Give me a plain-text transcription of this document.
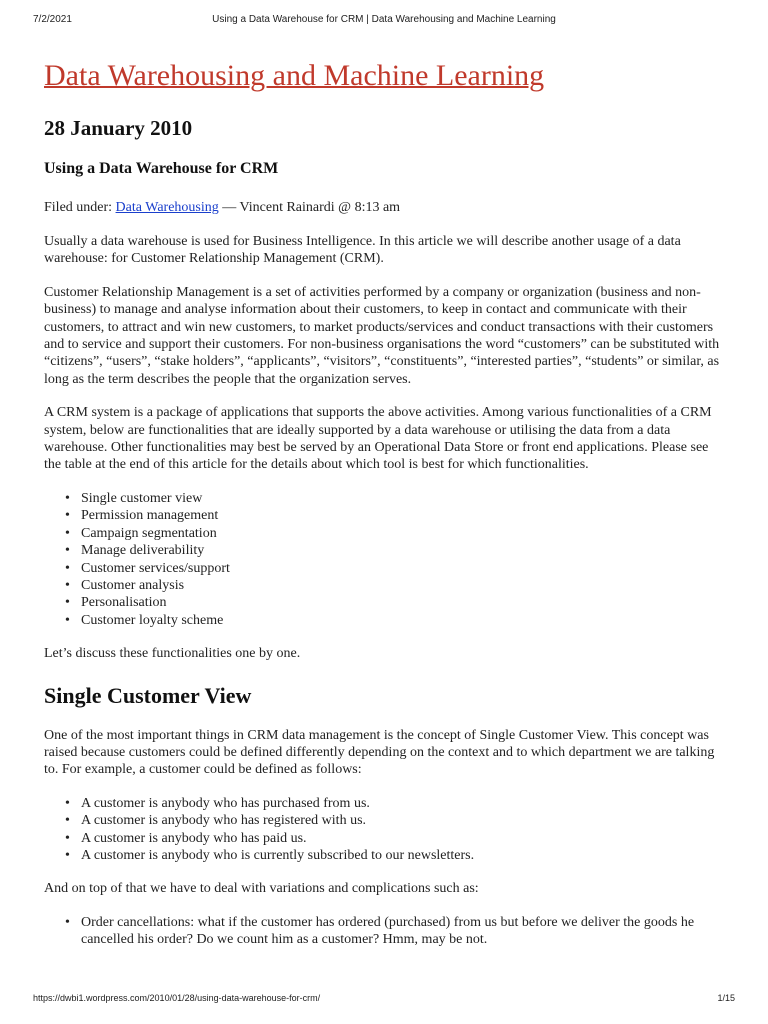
7/2/2021	Using a Data Warehouse for CRM | Data Warehousing and Machine Learning
Data Warehousing and Machine Learning
28 January 2010
Using a Data Warehouse for CRM
Filed under: Data Warehousing — Vincent Rainardi @ 8:13 am

Usually a data warehouse is used for Business Intelligence. In this article we will describe another usage of a data warehouse: for Customer Relationship Management (CRM).

Customer Relationship Management is a set of activities performed by a company or organization (business and non-business) to manage and analyse information about their customers, to keep in contact and communicate with their customers, to attract and win new customers, to market products/services and conduct transactions with their customers and to service and support their customers. For non-business organisations the word “customers” can be substituted with “citizens”, “users”, “stake holders”, “applicants”, “visitors”, “constituents”, “interested parties”, “students” or similar, as long as the term describes the people that the organization serves.

A CRM system is a package of applications that supports the above activities. Among various functionalities of a CRM system, below are functionalities that are ideally supported by a data warehouse or utilising the data from a data warehouse. Other functionalities may best be served by an Operational Data Store or front end applications. Please see the table at the end of this article for the details about which tool is best for which functionalities.

• Single customer view
• Permission management
• Campaign segmentation
• Manage deliverability
• Customer services/support
• Customer analysis
• Personalisation
• Customer loyalty scheme

Let’s discuss these functionalities one by one.

Single Customer View

One of the most important things in CRM data management is the concept of Single Customer View. This concept was raised because customers could be defined differently depending on the context and to which department we are talking to. For example, a customer could be defined as follows:

• A customer is anybody who has purchased from us.
• A customer is anybody who has registered with us.
• A customer is anybody who has paid us.
• A customer is anybody who is currently subscribed to our newsletters.

And on top of that we have to deal with variations and complications such as:

• Order cancellations: what if the customer has ordered (purchased) from us but before we deliver the goods he cancelled his order? Do we count him as a customer? Hmm, may be not.
https://dwbi1.wordpress.com/2010/01/28/using-data-warehouse-for-crm/	1/15
